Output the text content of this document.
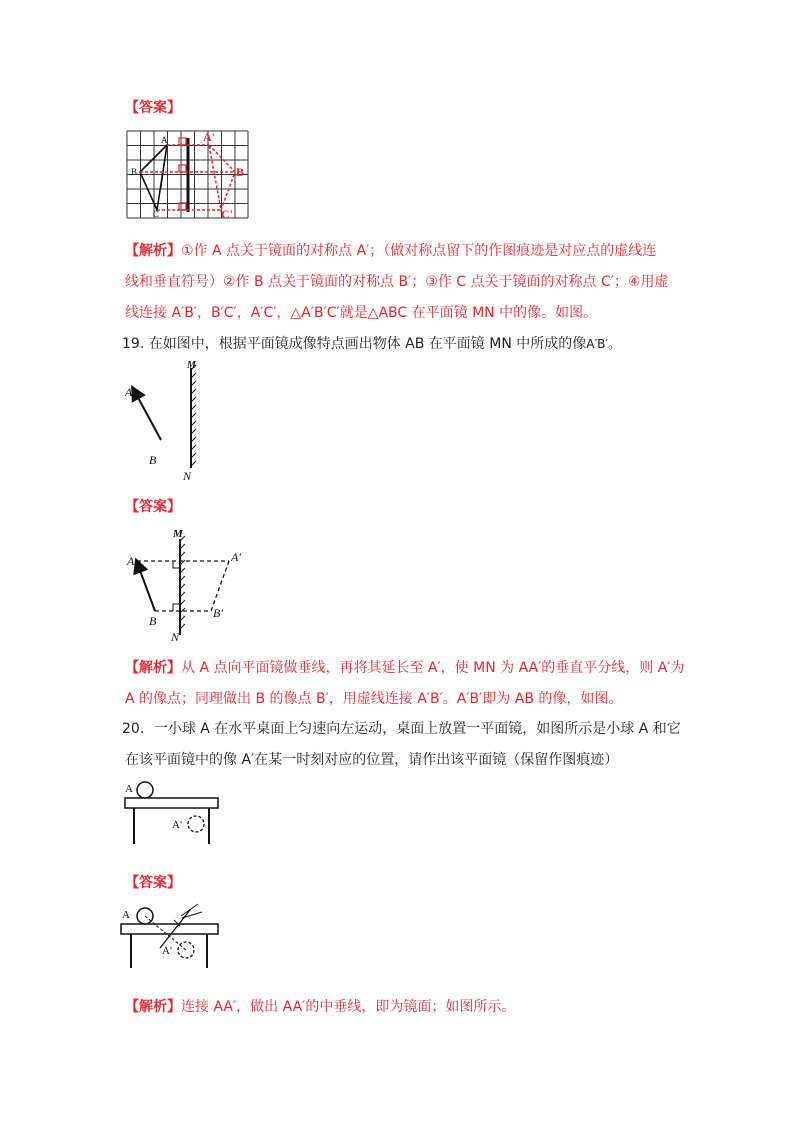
【答案】
A
B
C
A'
B
C'
【解析】①作 A 点关于镜面的对称点 A′；（做对称点留下的作图痕迹是对应点的虚线连
线和垂直符号）②作 B 点关于镜面的对称点 B′；③作 C 点关于镜面的对称点 C′；④用虚
线连接 A′B′，B′C′，A′C′，△A′B′C′就是△ABC 在平面镜 MN 中的像。如图。
19. 在如图中，根据平面镜成像特点画出物体 AB 在平面镜 MN 中所成的像A′B′。
A
B
M
N
【答案】
A
B
M
N
A'
B'
【解析】从 A 点向平面镜做垂线，再将其延长至 A′，使 MN 为 AA′的垂直平分线，则 A′为
A 的像点；同理做出 B 的像点 B′，用虚线连接 A′B′。A′B′即为 AB 的像，如图。
20．一小球 A 在水平桌面上匀速向左运动，桌面上放置一平面镜，如图所示是小球 A 和它
在该平面镜中的像 A′在某一时刻对应的位置，请作出该平面镜（保留作图痕迹）
A
A'
【答案】
A
A'
【解析】连接 AA′，做出 AA′的中垂线，即为镜面；如图所示。
